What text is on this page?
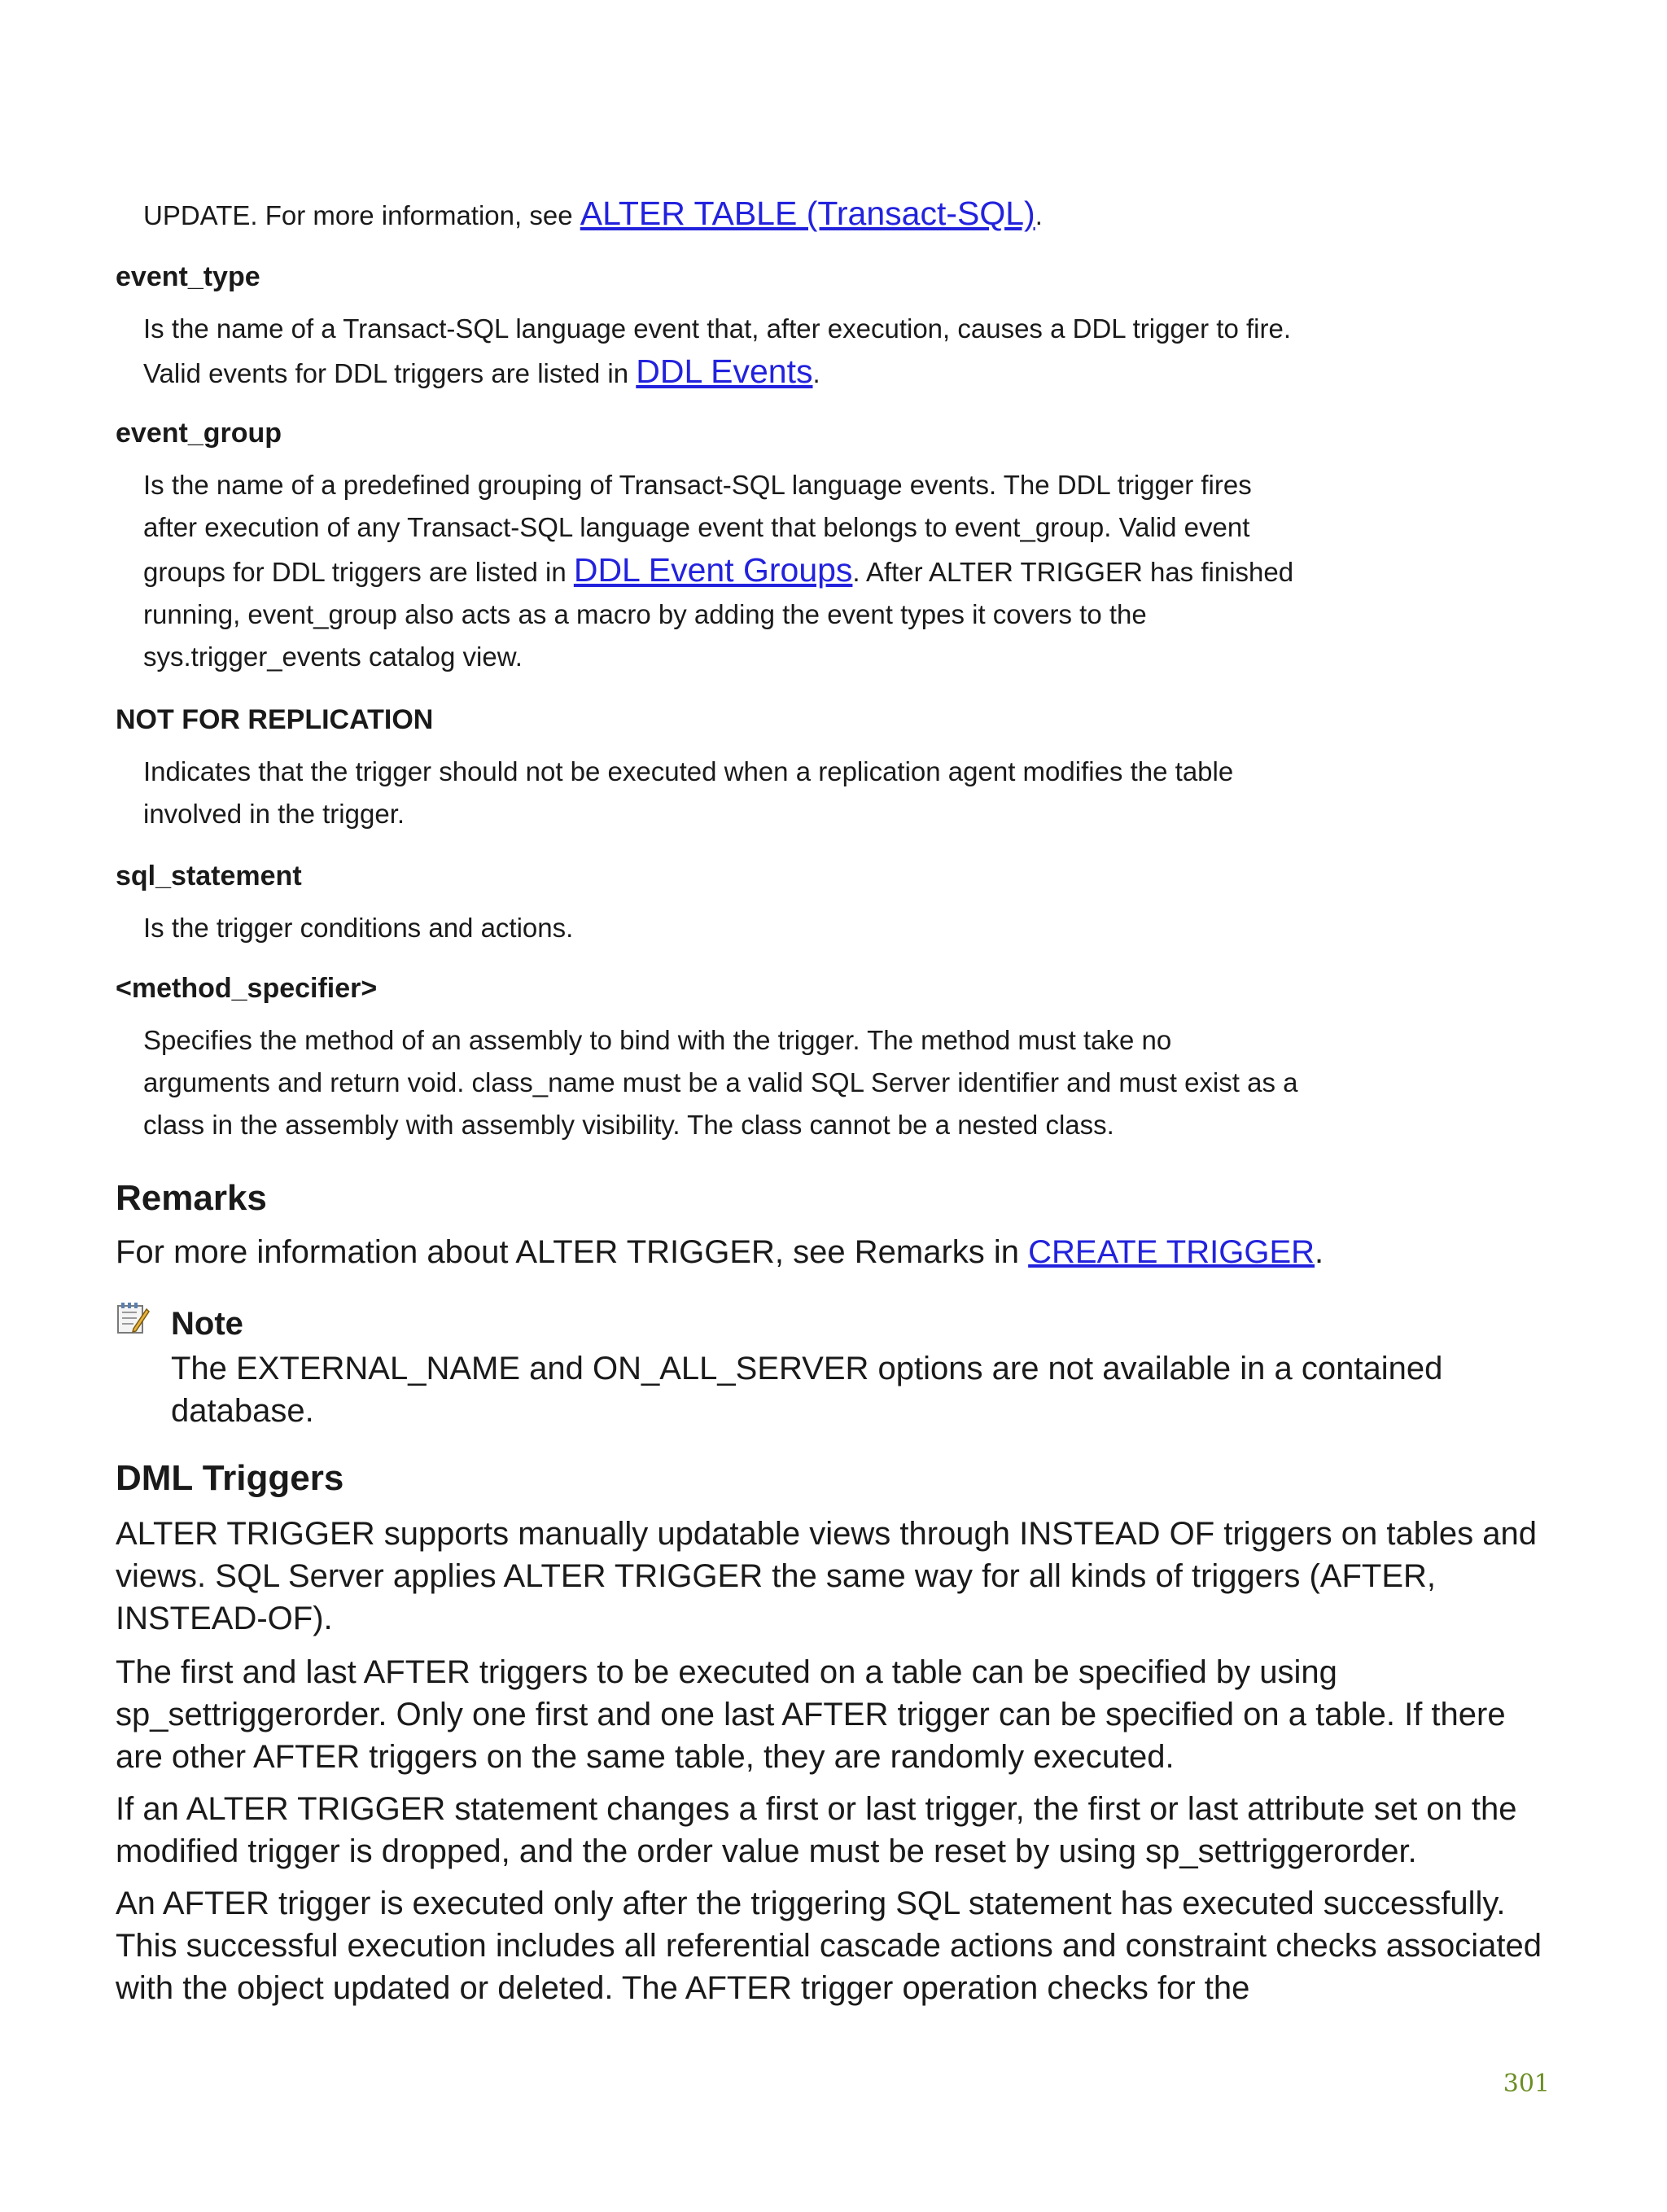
UPDATE. For more information, see ALTER TABLE (Transact-SQL).

event_type

Is the name of a Transact-SQL language event that, after execution, causes a DDL trigger to fire. Valid events for DDL triggers are listed in DDL Events.

event_group

Is the name of a predefined grouping of Transact-SQL language events. The DDL trigger fires after execution of any Transact-SQL language event that belongs to event_group. Valid event groups for DDL triggers are listed in DDL Event Groups. After ALTER TRIGGER has finished running, event_group also acts as a macro by adding the event types it covers to the sys.trigger_events catalog view.

NOT FOR REPLICATION

Indicates that the trigger should not be executed when a replication agent modifies the table involved in the trigger.

sql_statement

Is the trigger conditions and actions.

<method_specifier>

Specifies the method of an assembly to bind with the trigger. The method must take no arguments and return void. class_name must be a valid SQL Server identifier and must exist as a class in the assembly with assembly visibility. The class cannot be a nested class.

Remarks

For more information about ALTER TRIGGER, see Remarks in CREATE TRIGGER.

Note

The EXTERNAL_NAME and ON_ALL_SERVER options are not available in a contained database.

DML Triggers

ALTER TRIGGER supports manually updatable views through INSTEAD OF triggers on tables and views. SQL Server applies ALTER TRIGGER the same way for all kinds of triggers (AFTER, INSTEAD-OF).

The first and last AFTER triggers to be executed on a table can be specified by using sp_settriggerorder. Only one first and one last AFTER trigger can be specified on a table. If there are other AFTER triggers on the same table, they are randomly executed.

If an ALTER TRIGGER statement changes a first or last trigger, the first or last attribute set on the modified trigger is dropped, and the order value must be reset by using sp_settriggerorder.

An AFTER trigger is executed only after the triggering SQL statement has executed successfully. This successful execution includes all referential cascade actions and constraint checks associated with the object updated or deleted. The AFTER trigger operation checks for the

301
